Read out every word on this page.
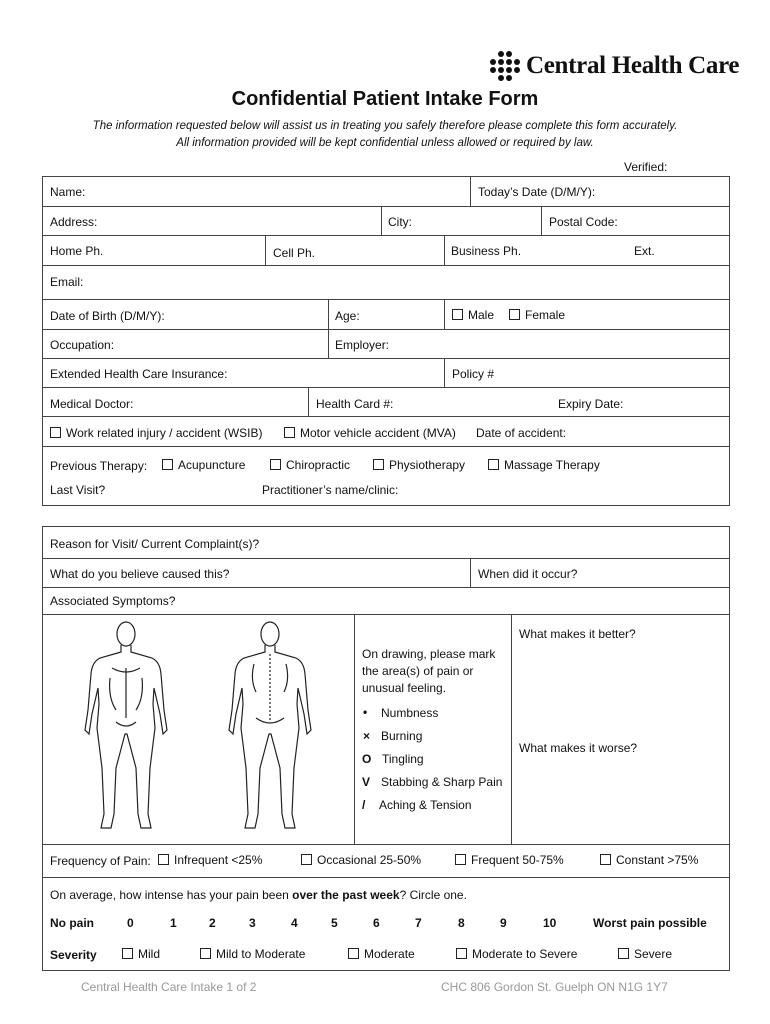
Central Health Care
Confidential Patient Intake Form
The information requested below will assist us in treating you safely therefore please complete this form accurately.
All information provided will be kept confidential unless allowed or required by law.
Verified:
Name:	Today’s Date (D/M/Y):
Address:	City:	Postal Code:
Home Ph.	Cell Ph.	Business Ph.	Ext.
Email:
Date of Birth (D/M/Y):	Age:	Male	Female
Occupation:	Employer:
Extended Health Care Insurance:	Policy #
Medical Doctor:	Health Card #:	Expiry Date:
Work related injury / accident (WSIB)	Motor vehicle accident (MVA) Date of accident:
Previous Therapy:	Acupuncture	Chiropractic	Physiotherapy	Massage Therapy
Last Visit?	Practitioner’s name/clinic:
Reason for Visit/ Current Complaint(s)?
What do you believe caused this?	When did it occur?
Associated Symptoms?
On drawing, please mark
the area(s) of pain or
unusual feeling.
• Numbness
× Burning
O Tingling
V Stabbing & Sharp Pain
/ Aching & Tension
What makes it better?
What makes it worse?
Frequency of Pain:	Infrequent <25%	Occasional 25-50%	Frequent 50-75%	Constant >75%
On average, how intense has your pain been over the past week? Circle one.
No pain	0	1	2	3	4	5	6	7	8	9	10	Worst pain possible
Severity	Mild	Mild to Moderate	Moderate	Moderate to Severe	Severe
Central Health Care Intake 1 of 2	CHC 806 Gordon St. Guelph ON N1G 1Y7
